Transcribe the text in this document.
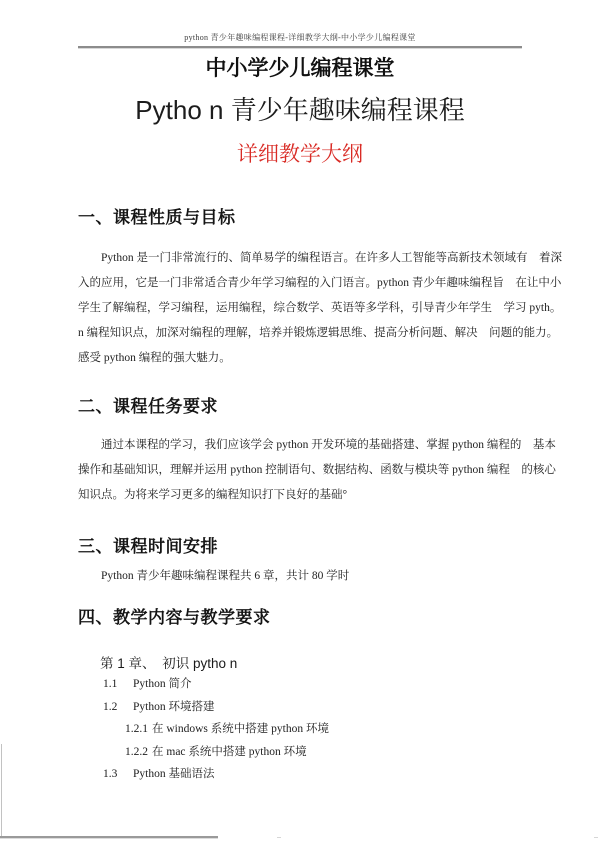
python 青少年趣味编程课程-详细教学大纲-中小学少儿编程课堂
中小学少儿编程课堂
Pytho n 青少年趣味编程课程
详细教学大纲
一、课程性质与目标
Python 是一门非常流行的、简单易学的编程语言。在许多人工智能等高新技术领域有　着深
入的应用，它是一门非常适合青少年学习编程的入门语言。python 青少年趣味编程旨　在让中小
学生了解编程，学习编程，运用编程，综合数学、英语等多学科，引导青少年学生　学习 pyth。
n 编程知识点，加深对编程的理解，培养并锻炼逻辑思维、提高分析问题、解决　问题的能力。
感受 python 编程的强大魅力。
二、课程任务要求
通过本课程的学习，我们应该学会 python 开发环境的基础搭建、掌握 python 编程的　基本
操作和基础知识，理解并运用 python 控制语句、数据结构、函数与模块等 python 编程　的核心
知识点。为将来学习更多的编程知识打下良好的基础°
三、课程时间安排
Python 青少年趣味编程课程共 6 章，共计 80 学时
四、教学内容与教学要求
第 1 章、　初识 pytho n
1.1 Python 简介
1.2 Python 环境搭建
1.2.1 在 windows 系统中搭建 python 环境
1.2.2 在 mac 系统中搭建 python 环境
1.3 Python 基础语法
